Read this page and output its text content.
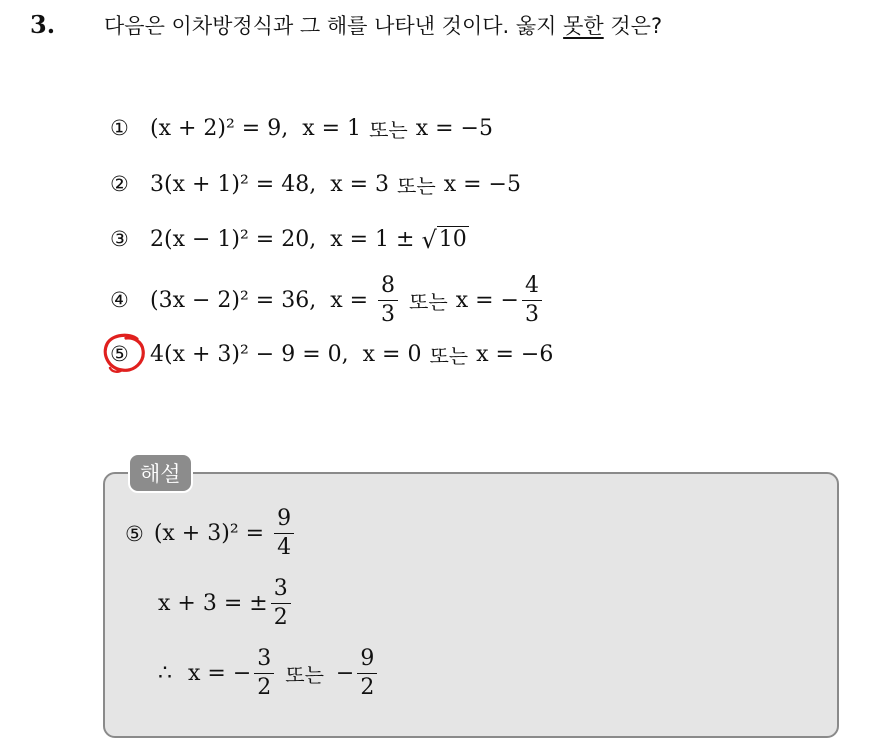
3. 다음은 이차방정식과 그 해를 나타낸 것이다. 옳지 못한 것은?
① (x + 2)² = 9, x = 1 또는 x = −5
② 3(x + 1)² = 48, x = 3 또는 x = −5
③ 2(x − 1)² = 20, x = 1 ± √ 10
④ (3x − 2)² = 36, $x = \frac{8}{3}$ 또는 x = − $\frac{4}{3}$
⑤ 4(x + 3)² − 9 = 0, x = 0 또는 x = −6
해설
⑤ $(x + 3)^2 = \frac{9}{4}$
x + 3 = ± $\frac{3}{2}$
∴ x = − $\frac{3}{2}$ 또는 − $\frac{9}{2}$
